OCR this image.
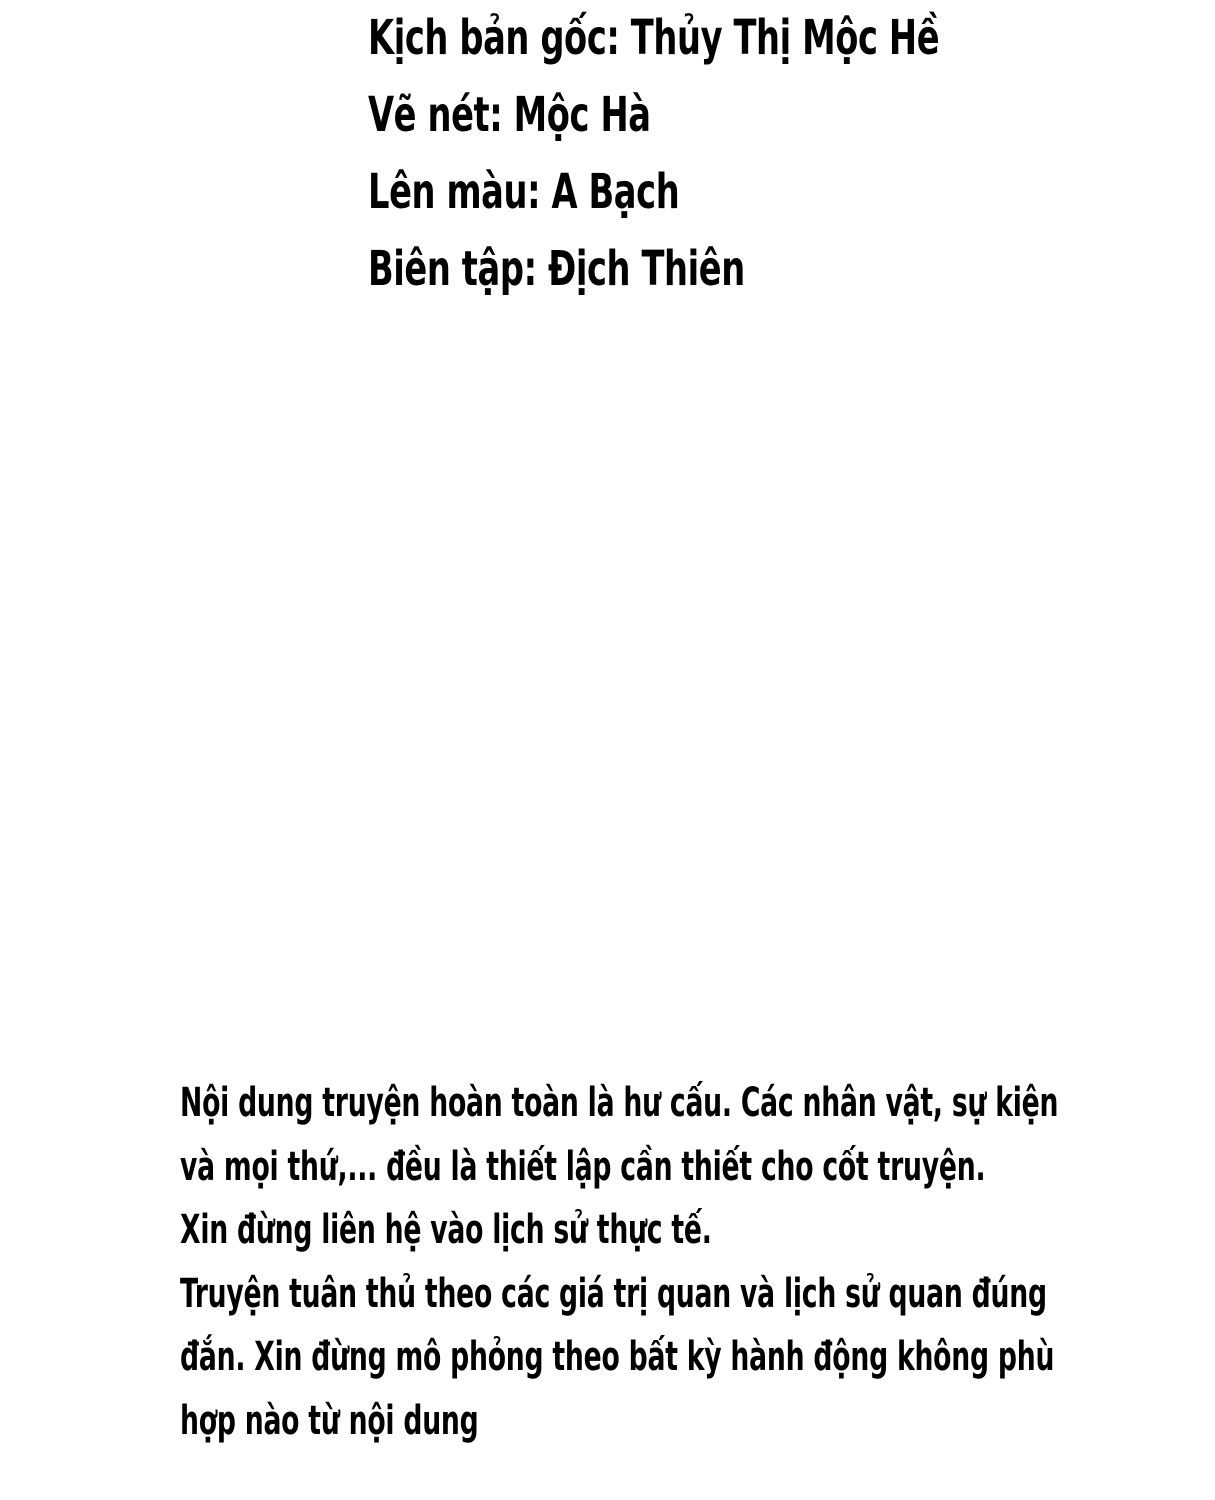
Kịch bản gốc: Thủy Thị Mộc Hề
Vẽ nét: Mộc Hà
Lên màu: A Bạch
Biên tập: Địch Thiên
Nội dung truyện hoàn toàn là hư cấu. Các nhân vật, sự kiện
và mọi thứ,... đều là thiết lập cần thiết cho cốt truyện.
Xin đừng liên hệ vào lịch sử thực tế.
Truyện tuân thủ theo các giá trị quan và lịch sử quan đúng
đắn. Xin đừng mô phỏng theo bất kỳ hành động không phù
hợp nào từ nội dung
